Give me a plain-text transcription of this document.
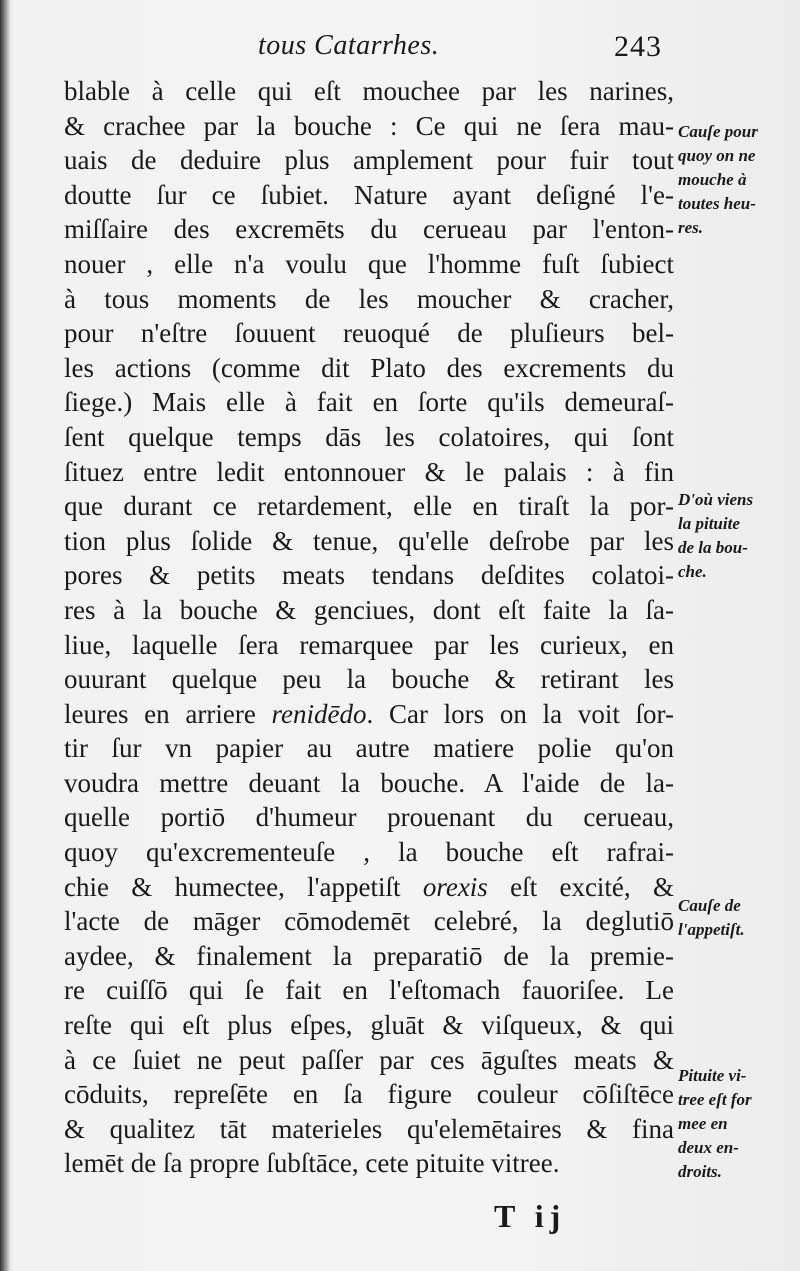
tous Catarrhes.	243
blable à celle qui eſt mouchee par les narines,
& crachee par la bouche : Ce qui ne ſera mau-
uais de deduire plus amplement pour fuir tout
doutte ſur ce ſubiet. Nature ayant deſigné l'e-
miſſaire des excremēts du cerueau par l'enton-
nouer , elle n'a voulu que l'homme fuſt ſubiect
à tous moments de les moucher & cracher,
pour n'eſtre ſouuent reuoqué de pluſieurs bel-
les actions (comme dit Plato des excrements du
ſiege.) Mais elle à fait en ſorte qu'ils demeuraſ-
ſent quelque temps dās les colatoires, qui ſont
ſituez entre ledit entonnouer & le palais : à fin
que durant ce retardement, elle en tiraſt la por-
tion plus ſolide & tenue, qu'elle deſrobe par les
pores & petits meats tendans deſdites colatoi-
res à la bouche & genciues, dont eſt faite la ſa-
liue, laquelle ſera remarquee par les curieux, en
ouurant quelque peu la bouche & retirant les
leures en arriere renidēdo. Car lors on la voit ſor-
tir ſur vn papier au autre matiere polie qu'on
voudra mettre deuant la bouche. A l'aide de la-
quelle portiō d'humeur prouenant du cerueau,
quoy qu'excrementeuſe , la bouche eſt rafrai-
chie & humectee, l'appetiſt orexis eſt excité, &
l'acte de māger cōmodemēt celebré, la deglutiō
aydee, & finalement la preparatiō de la premie-
re cuiſſō qui ſe fait en l'eſtomach fauoriſee. Le
reſte qui eſt plus eſpes, gluāt & viſqueux, & qui
à ce ſuiet ne peut paſſer par ces āguſtes meats &
cōduits, repreſēte en ſa figure couleur cōſiſtēce
& qualitez tāt materieles qu'elemētaires & fina
lemēt de ſa propre ſubſtāce, cete pituite vitree.
Cauſe pour
quoy on ne
mouche à
toutes heu-
res.
D'où viens
la pituite
de la bou-
che.
Cauſe de
l'appetiſt.
Pituite vi-
tree eſt for
mee en
deux en-
droits.
T ij
